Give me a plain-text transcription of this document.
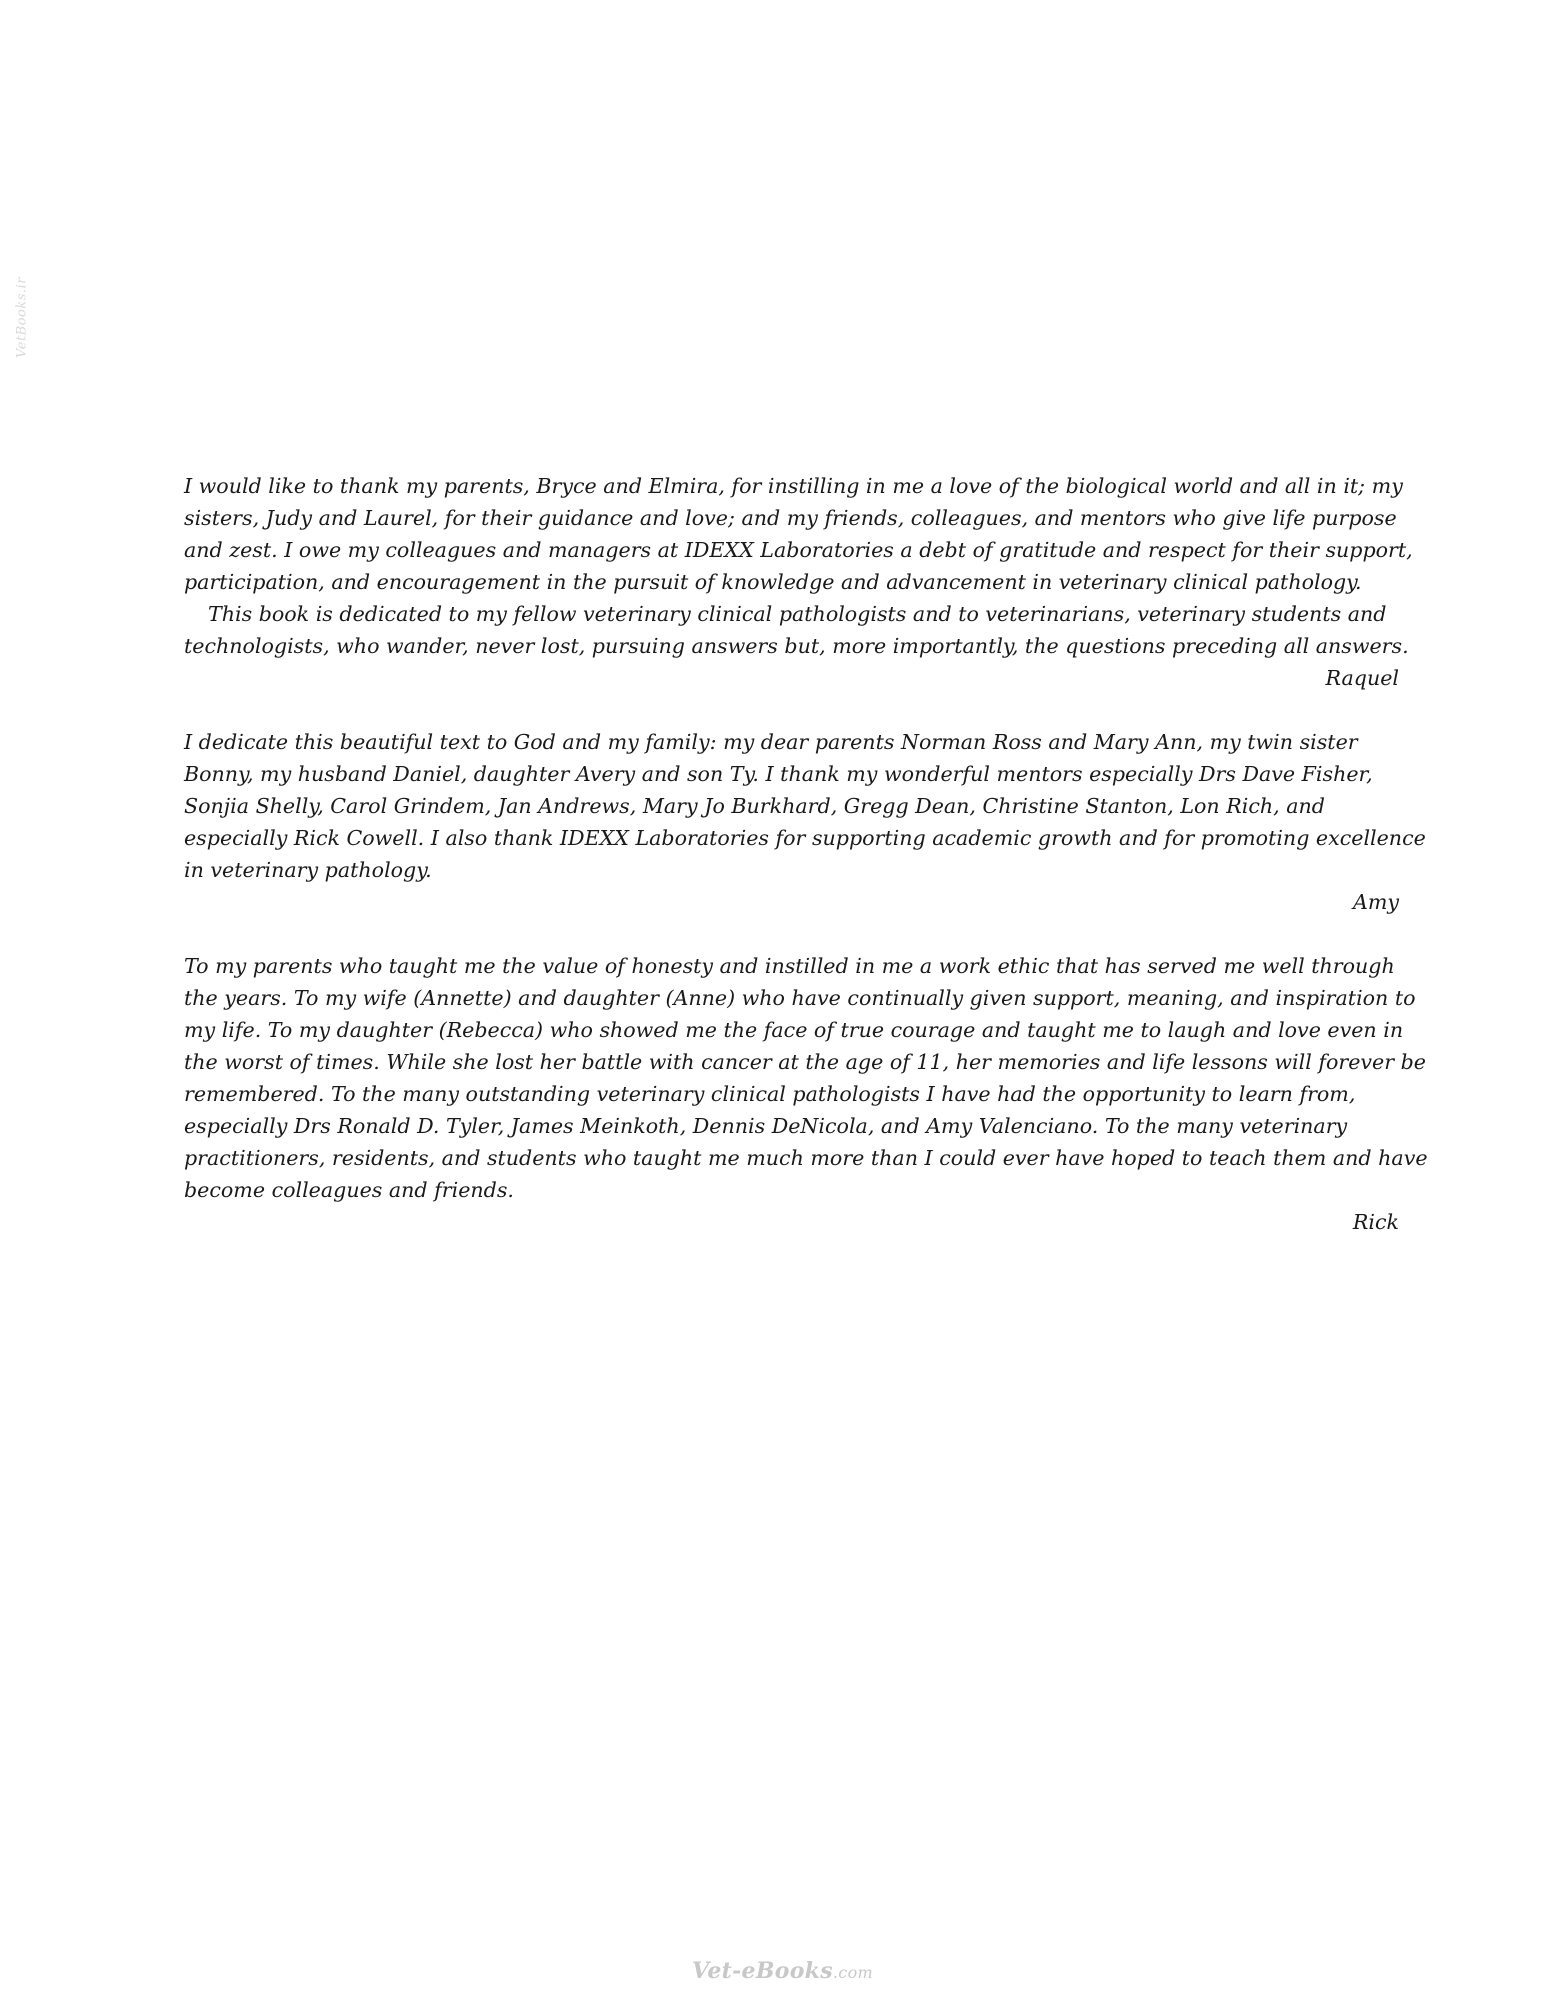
VetBooks.ir

I would like to thank my parents, Bryce and Elmira, for instilling in me a love of the biological world and all in it; my sisters, Judy and Laurel, for their guidance and love; and my friends, colleagues, and mentors who give life purpose and zest. I owe my colleagues and managers at IDEXX Laboratories a debt of gratitude and respect for their support, participation, and encouragement in the pursuit of knowledge and advancement in veterinary clinical pathology.

This book is dedicated to my fellow veterinary clinical pathologists and to veterinarians, veterinary students and technologists, who wander, never lost, pursuing answers but, more importantly, the questions preceding all answers.

Raquel

I dedicate this beautiful text to God and my family: my dear parents Norman Ross and Mary Ann, my twin sister Bonny, my husband Daniel, daughter Avery and son Ty. I thank my wonderful mentors especially Drs Dave Fisher, Sonjia Shelly, Carol Grindem, Jan Andrews, Mary Jo Burkhard, Gregg Dean, Christine Stanton, Lon Rich, and especially Rick Cowell. I also thank IDEXX Laboratories for supporting academic growth and for promoting excellence in veterinary pathology.

Amy

To my parents who taught me the value of honesty and instilled in me a work ethic that has served me well through the years. To my wife (Annette) and daughter (Anne) who have continually given support, meaning, and inspiration to my life. To my daughter (Rebecca) who showed me the face of true courage and taught me to laugh and love even in the worst of times. While she lost her battle with cancer at the age of 11, her memories and life lessons will forever be remembered. To the many outstanding veterinary clinical pathologists I have had the opportunity to learn from, especially Drs Ronald D. Tyler, James Meinkoth, Dennis DeNicola, and Amy Valenciano. To the many veterinary practitioners, residents, and students who taught me much more than I could ever have hoped to teach them and have become colleagues and friends.

Rick
Vet-eBooks.com
